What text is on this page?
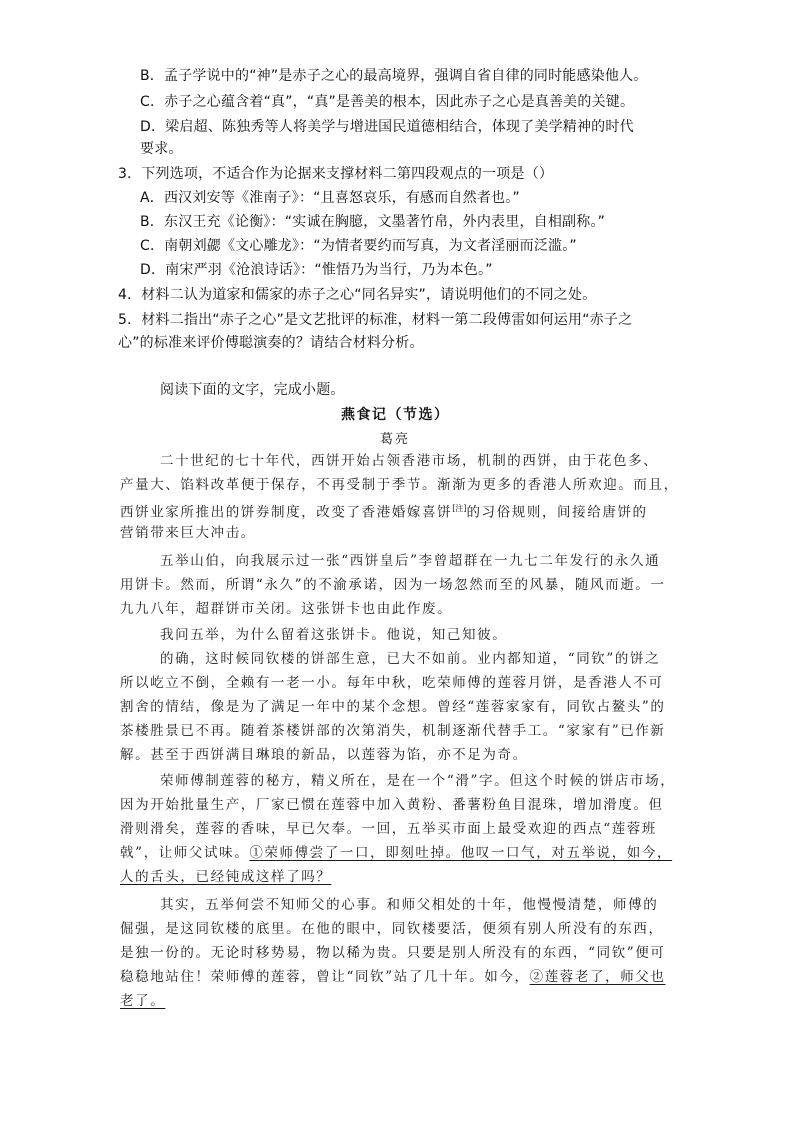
B．孟子学说中的“神”是赤子之心的最高境界，强调自省自律的同时能感染他人。
C．赤子之心蕴含着“真”，“真”是善美的根本，因此赤子之心是真善美的关键。
D．梁启超、陈独秀等人将美学与增进国民道德相结合，体现了美学精神的时代
要求。
3．下列选项，不适合作为论据来支撑材料二第四段观点的一项是（）
A．西汉刘安等《淮南子》：“且喜怒哀乐，有感而自然者也。”
B．东汉王充《论衡》：“实诚在胸臆，文墨著竹帛，外内表里，自相副称。”
C．南朝刘勰《文心雕龙》：“为情者要约而写真，为文者淫丽而泛滥。”
D．南宋严羽《沧浪诗话》：“惟悟乃为当行，乃为本色。”
4．材料二认为道家和儒家的赤子之心“同名异实”，请说明他们的不同之处。
5．材料二指出“赤子之心”是文艺批评的标准，材料一第二段傅雷如何运用“赤子之
心”的标准来评价傅聪演奏的？请结合材料分析。
阅读下面的文字，完成小题。
燕食记（节选）
葛亮
二十世纪的七十年代，西饼开始占领香港市场，机制的西饼，由于花色多、
产量大、馅料改革便于保存，不再受制于季节。渐渐为更多的香港人所欢迎。而且，
西饼业家所推出的饼券制度，改变了香港婚嫁喜饼[注]的习俗规则，间接给唐饼的
营销带来巨大冲击。
五举山伯，向我展示过一张“西饼皇后”李曾超群在一九七二年发行的永久通
用饼卡。然而，所谓“永久”的不渝承诺，因为一场忽然而至的风暴，随风而逝。一
九九八年，超群饼市关闭。这张饼卡也由此作废。
我问五举，为什么留着这张饼卡。他说，知己知彼。
的确，这时候同钦楼的饼部生意，已大不如前。业内都知道，“同钦”的饼之
所以屹立不倒，全赖有一老一小。每年中秋，吃荣师傅的莲蓉月饼，是香港人不可
割舍的情结，像是为了满足一年中的某个念想。曾经“莲蓉家家有，同钦占鳌头”的
茶楼胜景已不再。随着茶楼饼部的次第消失，机制逐渐代替手工。“家家有”已作新
解。甚至于西饼满目琳琅的新品，以莲蓉为馅，亦不足为奇。
荣师傅制莲蓉的秘方，精义所在，是在一个“滑”字。但这个时候的饼店市场，
因为开始批量生产，厂家已惯在莲蓉中加入黄粉、番薯粉鱼目混珠，增加滑度。但
滑则滑矣，莲蓉的香味，早已欠奉。一回，五举买市面上最受欢迎的西点“莲蓉班
戟”，让师父试味。①荣师傅尝了一口，即刻吐掉。他叹一口气，对五举说，如今，
人的舌头，已经钝成这样了吗？
其实，五举何尝不知师父的心事。和师父相处的十年，他慢慢清楚，师傅的
倔强，是这同钦楼的底里。在他的眼中，同钦楼要活，便须有别人所没有的东西，
是独一份的。无论时移势易，物以稀为贵。只要是别人所没有的东西，“同钦”便可
稳稳地站住！荣师傅的莲蓉，曾让“同钦”站了几十年。如今，②莲蓉老了，师父也
老了。
